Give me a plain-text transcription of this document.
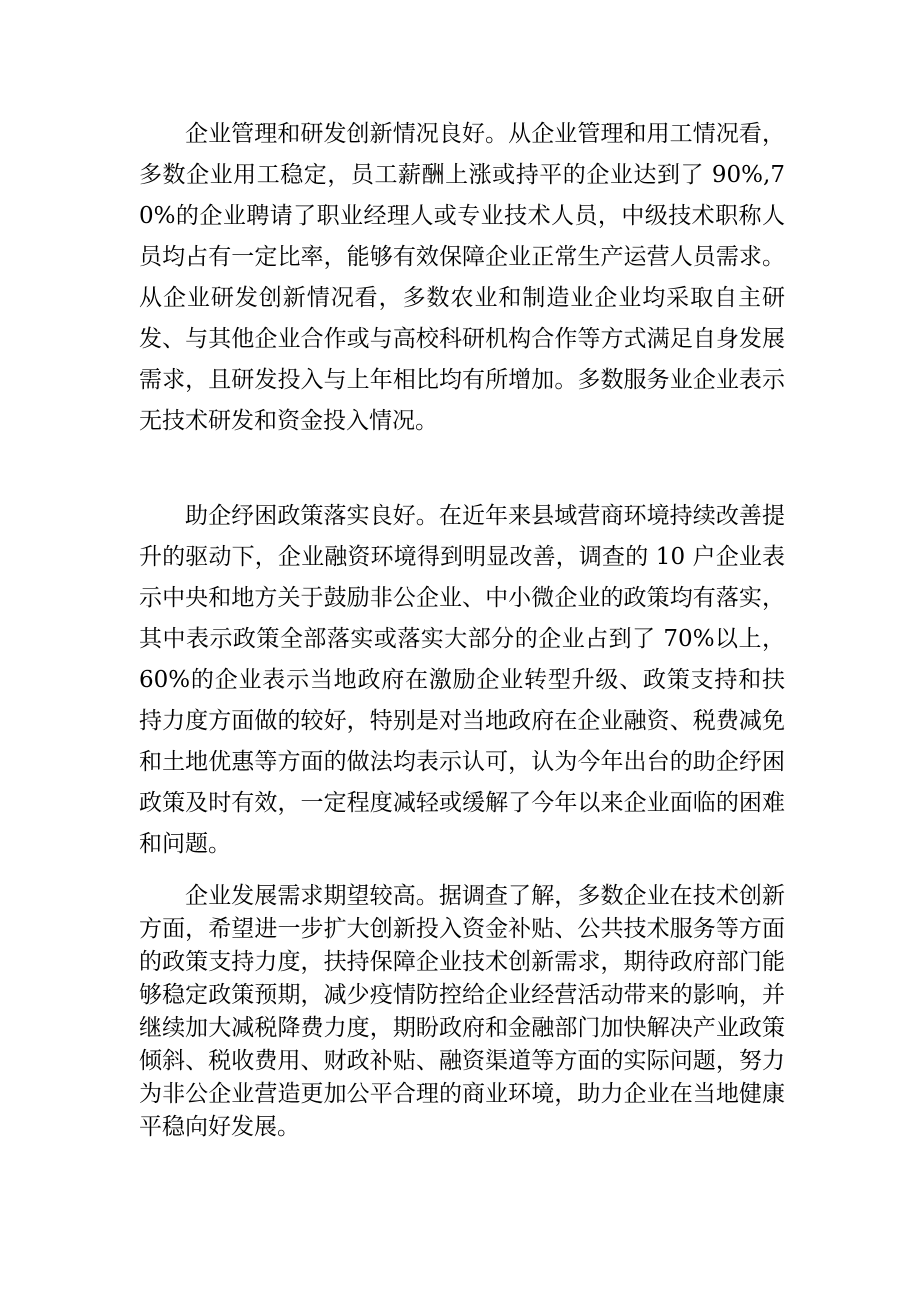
企业管理和研发创新情况良好。从企业管理和用工情况看，多数企业用工稳定，员工薪酬上涨或持平的企业达到了 90%,70%的企业聘请了职业经理人或专业技术人员，中级技术职称人员均占有一定比率，能够有效保障企业正常生产运营人员需求。从企业研发创新情况看，多数农业和制造业企业均采取自主研发、与其他企业合作或与高校科研机构合作等方式满足自身发展需求，且研发投入与上年相比均有所增加。多数服务业企业表示无技术研发和资金投入情况。

助企纾困政策落实良好。在近年来县域营商环境持续改善提升的驱动下，企业融资环境得到明显改善，调查的 10 户企业表示中央和地方关于鼓励非公企业、中小微企业的政策均有落实，其中表示政策全部落实或落实大部分的企业占到了 70%以上，60%的企业表示当地政府在激励企业转型升级、政策支持和扶持力度方面做的较好，特别是对当地政府在企业融资、税费减免和土地优惠等方面的做法均表示认可，认为今年出台的助企纾困政策及时有效，一定程度减轻或缓解了今年以来企业面临的困难和问题。

企业发展需求期望较高。据调查了解，多数企业在技术创新方面，希望进一步扩大创新投入资金补贴、公共技术服务等方面的政策支持力度，扶持保障企业技术创新需求，期待政府部门能够稳定政策预期，减少疫情防控给企业经营活动带来的影响，并继续加大减税降费力度，期盼政府和金融部门加快解决产业政策倾斜、税收费用、财政补贴、融资渠道等方面的实际问题，努力为非公企业营造更加公平合理的商业环境，助力企业在当地健康平稳向好发展。
